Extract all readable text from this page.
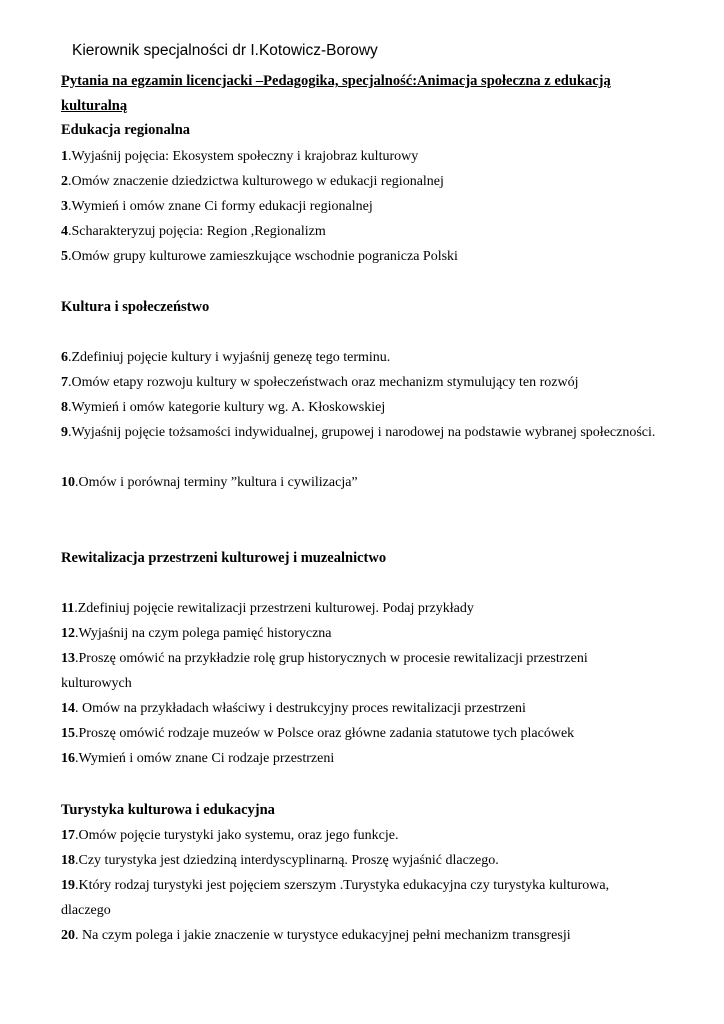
Kierownik specjalności dr I.Kotowicz-Borowy
Pytania na egzamin licencjacki –Pedagogika, specjalność:Animacja społeczna z edukacją kulturalną
Edukacja regionalna
1.Wyjaśnij pojęcia: Ekosystem społeczny i krajobraz kulturowy
2.Omów znaczenie dziedzictwa kulturowego w edukacji regionalnej
3.Wymień i omów znane Ci formy edukacji regionalnej
4.Scharakteryzuj pojęcia: Region ,Regionalizm
5.Omów grupy kulturowe zamieszkujące wschodnie pogranicza Polski
Kultura i społeczeństwo
6.Zdefiniuj pojęcie kultury i wyjaśnij genezę tego terminu.
7.Omów etapy rozwoju kultury w społeczeństwach oraz mechanizm stymulujący ten rozwój
8.Wymień i omów kategorie kultury wg. A. Kłoskowskiej
9.Wyjaśnij pojęcie tożsamości indywidualnej, grupowej i narodowej na podstawie wybranej społeczności.
10.Omów i porównaj terminy ”kultura i cywilizacja”
Rewitalizacja przestrzeni kulturowej i muzealnictwo
11.Zdefiniuj pojęcie rewitalizacji przestrzeni kulturowej. Podaj przykłady
12.Wyjaśnij na czym polega pamięć historyczna
13.Proszę omówić na przykładzie rolę grup historycznych w procesie rewitalizacji przestrzeni kulturowych
14. Omów na przykładach właściwy i destrukcyjny proces rewitalizacji przestrzeni
15.Proszę omówić rodzaje muzeów w Polsce oraz główne zadania statutowe tych placówek
16.Wymień i omów znane Ci rodzaje przestrzeni
Turystyka kulturowa i edukacyjna
17.Omów pojęcie turystyki jako systemu, oraz jego funkcje.
18.Czy turystyka jest dziedziną interdyscyplinarną. Proszę wyjaśnić dlaczego.
19.Który rodzaj turystyki jest pojęciem szerszym .Turystyka edukacyjna czy turystyka kulturowa, dlaczego
20. Na czym polega i jakie znaczenie w turystyce edukacyjnej pełni mechanizm transgresji
